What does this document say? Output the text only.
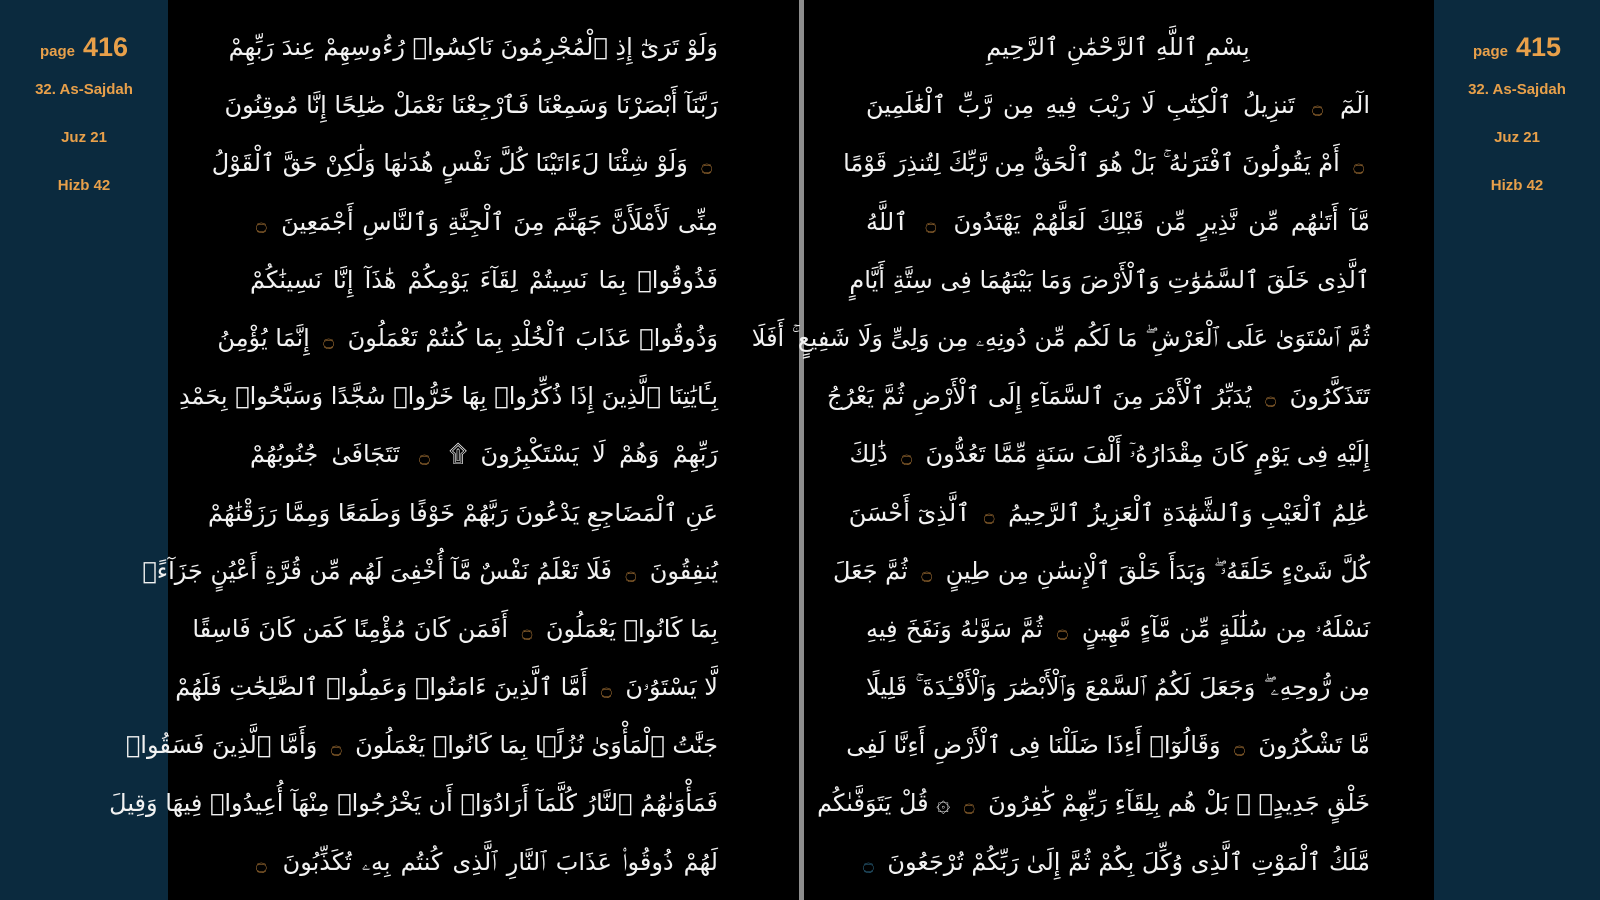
page 416
32. As-Sajdah
Juz 21
Hizb 42
page 415
32. As-Sajdah
Juz 21
Hizb 42
وَلَوْ تَرَىٰٓ إِذِ ٱلْمُجْرِمُونَ نَاكِسُوا۟ رُءُوسِهِمْ عِندَ رَبِّهِمْ
رَبَّنَآ أَبْصَرْنَا وَسَمِعْنَا فَٱرْجِعْنَا نَعْمَلْ صَٰلِحًا إِنَّا مُوقِنُونَ
۝ وَلَوْ شِئْنَا لَءَاتَيْنَا كُلَّ نَفْسٍ هُدَىٰهَا وَلَٰكِنْ حَقَّ ٱلْقَوْلُ
مِنِّى لَأَمْلَأَنَّ جَهَنَّمَ مِنَ ٱلْجِنَّةِ وَٱلنَّاسِ أَجْمَعِينَ ۝
فَذُوقُوا۟ بِمَا نَسِيتُمْ لِقَآءَ يَوْمِكُمْ هَٰذَآ إِنَّا نَسِينَٰكُمْ
وَذُوقُوا۟ عَذَابَ ٱلْخُلْدِ بِمَا كُنتُمْ تَعْمَلُونَ ۝ إِنَّمَا يُؤْمِنُ
بِـَٔايَٰتِنَا ٱلَّذِينَ إِذَا ذُكِّرُوا۟ بِهَا خَرُّوا۟ سُجَّدًا وَسَبَّحُوا۟ بِحَمْدِ
رَبِّهِمْ وَهُمْ لَا يَسْتَكْبِرُونَ ۩ ۝ تَتَجَافَىٰ جُنُوبُهُمْ
عَنِ ٱلْمَضَاجِعِ يَدْعُونَ رَبَّهُمْ خَوْفًا وَطَمَعًا وَمِمَّا رَزَقْنَٰهُمْ
يُنفِقُونَ ۝ فَلَا تَعْلَمُ نَفْسٌ مَّآ أُخْفِىَ لَهُم مِّن قُرَّةِ أَعْيُنٍ جَزَآءًۢ
بِمَا كَانُوا۟ يَعْمَلُونَ ۝ أَفَمَن كَانَ مُؤْمِنًا كَمَن كَانَ فَاسِقًا
لَّا يَسْتَوُۥنَ ۝ أَمَّا ٱلَّذِينَ ءَامَنُوا۟ وَعَمِلُوا۟ ٱلصَّٰلِحَٰتِ فَلَهُمْ
جَنَّٰتُ ٱلْمَأْوَىٰ نُزُلًۢا بِمَا كَانُوا۟ يَعْمَلُونَ ۝ وَأَمَّا ٱلَّذِينَ فَسَقُوا۟
فَمَأْوَىٰهُمُ ٱلنَّارُ كُلَّمَآ أَرَادُوٓا۟ أَن يَخْرُجُوا۟ مِنْهَآ أُعِيدُوا۟ فِيهَا وَقِيلَ
لَهُمْ ذُوقُوا۟ عَذَابَ ٱلنَّارِ ٱلَّذِى كُنتُم بِهِۦ تُكَذِّبُونَ ۝
بِسْمِ ٱللَّهِ ٱلرَّحْمَٰنِ ٱلرَّحِيمِ
الٓمٓ ۝ تَنزِيلُ ٱلْكِتَٰبِ لَا رَيْبَ فِيهِ مِن رَّبِّ ٱلْعَٰلَمِينَ
۝ أَمْ يَقُولُونَ ٱفْتَرَىٰهُ ۚ بَلْ هُوَ ٱلْحَقُّ مِن رَّبِّكَ لِتُنذِرَ قَوْمًا
مَّآ أَتَىٰهُم مِّن نَّذِيرٍ مِّن قَبْلِكَ لَعَلَّهُمْ يَهْتَدُونَ ۝ ٱللَّهُ
ٱلَّذِى خَلَقَ ٱلسَّمَٰوَٰتِ وَٱلْأَرْضَ وَمَا بَيْنَهُمَا فِى سِتَّةِ أَيَّامٍ
ثُمَّ ٱسْتَوَىٰ عَلَى ٱلْعَرْشِ ۖ مَا لَكُم مِّن دُونِهِۦ مِن وَلِىٍّ وَلَا شَفِيعٍ ۚ أَفَلَا
تَتَذَكَّرُونَ ۝ يُدَبِّرُ ٱلْأَمْرَ مِنَ ٱلسَّمَآءِ إِلَى ٱلْأَرْضِ ثُمَّ يَعْرُجُ
إِلَيْهِ فِى يَوْمٍ كَانَ مِقْدَارُهُۥٓ أَلْفَ سَنَةٍ مِّمَّا تَعُدُّونَ ۝ ذَٰلِكَ
عَٰلِمُ ٱلْغَيْبِ وَٱلشَّهَٰدَةِ ٱلْعَزِيزُ ٱلرَّحِيمُ ۝ ٱلَّذِىٓ أَحْسَنَ
كُلَّ شَىْءٍ خَلَقَهُۥ ۖ وَبَدَأَ خَلْقَ ٱلْإِنسَٰنِ مِن طِينٍ ۝ ثُمَّ جَعَلَ
نَسْلَهُۥ مِن سُلَٰلَةٍ مِّن مَّآءٍ مَّهِينٍ ۝ ثُمَّ سَوَّىٰهُ وَنَفَخَ فِيهِ
مِن رُّوحِهِۦ ۖ وَجَعَلَ لَكُمُ ٱلسَّمْعَ وَٱلْأَبْصَٰرَ وَٱلْأَفْـِٔدَةَ ۚ قَلِيلًا
مَّا تَشْكُرُونَ ۝ وَقَالُوٓا۟ أَءِذَا ضَلَلْنَا فِى ٱلْأَرْضِ أَءِنَّا لَفِى
خَلْقٍ جَدِيدٍۭ ۚ بَلْ هُم بِلِقَآءِ رَبِّهِمْ كَٰفِرُونَ ۝ ۞ قُلْ يَتَوَفَّىٰكُم
مَّلَكُ ٱلْمَوْتِ ٱلَّذِى وُكِّلَ بِكُمْ ثُمَّ إِلَىٰ رَبِّكُمْ تُرْجَعُونَ ۝
